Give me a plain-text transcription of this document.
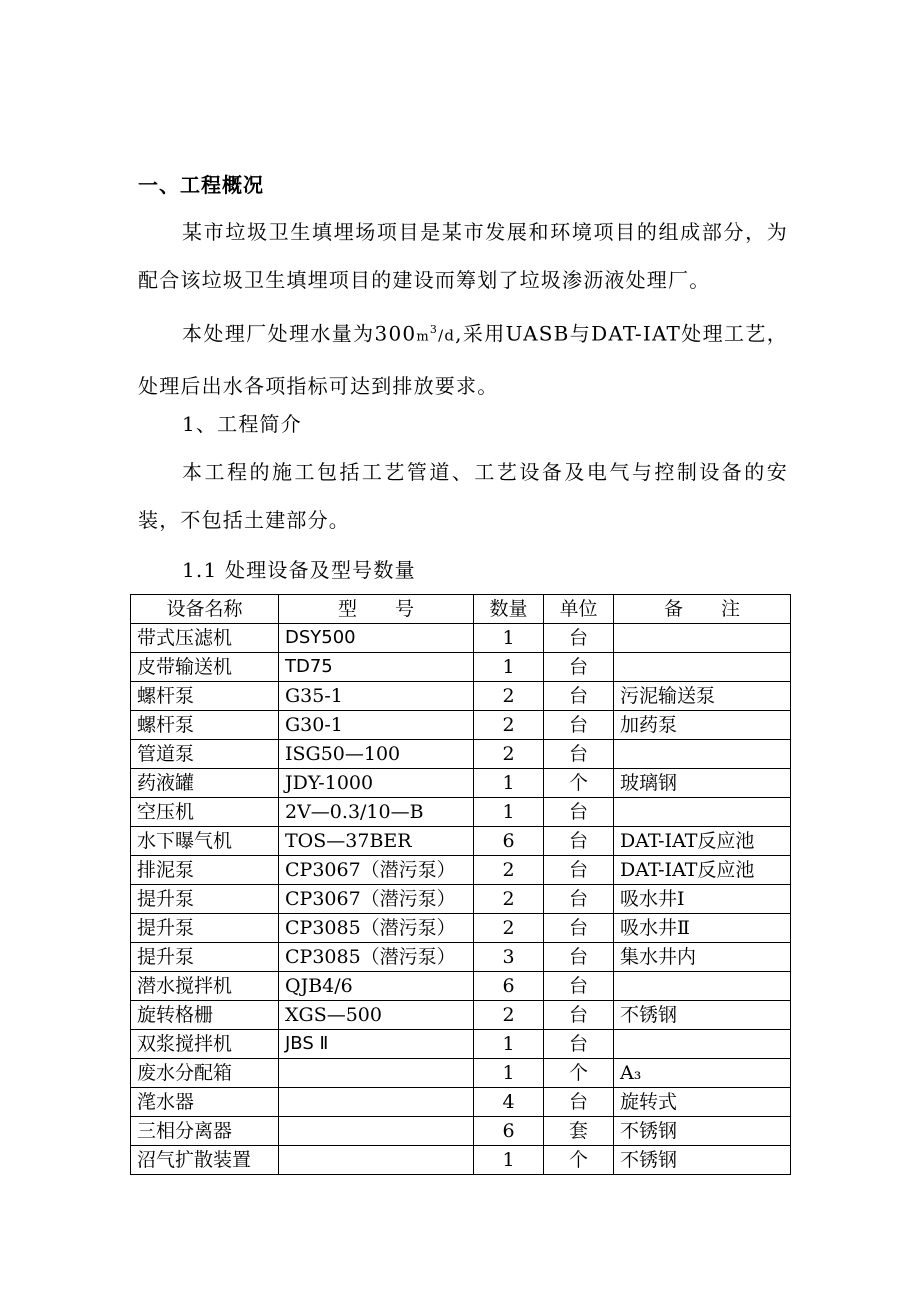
一、工程概况
某市垃圾卫生填埋场项目是某市发展和环境项目的组成部分，为配合该垃圾卫生填埋项目的建设而筹划了垃圾渗沥液处理厂。
本处理厂处理水量为$300m^3/d$,采用UASB与DAT-IAT处理工艺，处理后出水各项指标可达到排放要求。
1、工程简介
本工程的施工包括工艺管道、工艺设备及电气与控制设备的安装，不包括土建部分。
1.1 处理设备及型号数量
设备名称	型　　号	数量	单位	备　　注
带式压滤机	DSY500	1	台	
皮带输送机	TD75	1	台	
螺杆泵	G35-1	2	台	污泥输送泵
螺杆泵	G30-1	2	台	加药泵
管道泵	ISG50—100	2	台	
药液罐	JDY-1000	1	个	玻璃钢
空压机	2V—0.3/10—B	1	台	
水下曝气机	TOS—37BER	6	台	DAT-IAT反应池
排泥泵	CP3067（潜污泵）	2	台	DAT-IAT反应池
提升泵	CP3067（潜污泵）	2	台	吸水井Ⅰ
提升泵	CP3085（潜污泵）	2	台	吸水井Ⅱ
提升泵	CP3085（潜污泵）	3	台	集水井内
潜水搅拌机	QJB4/6	6	台	
旋转格栅	XGS—500	2	台	不锈钢
双浆搅拌机	JBS Ⅱ	1	台	
废水分配箱		1	个	A₃
滗水器		4	台	旋转式
三相分离器		6	套	不锈钢
沼气扩散装置		1	个	不锈钢
